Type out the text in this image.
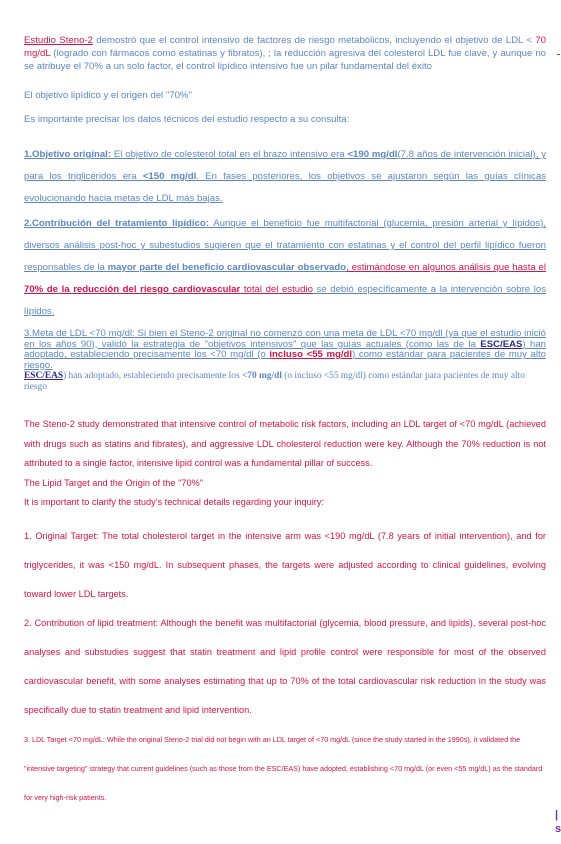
Estudio Steno-2 demostró que el control intensivo de factores de riesgo metabólicos, incluyendo el objetivo de LDL < 70 mg/dL (logrado con fármacos como estatinas y fibratos), ; la reducción agresiva del colesterol LDL fue clave, y aunque no se atribuye el 70% a un solo factor, el control lipídico intensivo fue un pilar fundamental del éxito

El objetivo lipídico y el origen del "70%"

Es importante precisar los datos técnicos del estudio respecto a su consulta:

1.Objetivo original: El objetivo de colesterol total en el brazo intensivo era <190 mg/dl(7.8 años de intervención inicial), y para los triglicéridos era <150 mg/dl. En fases posteriores, los objetivos se ajustaron según las guías clínicas evolucionando hacia metas de LDL más bajas.

2.Contribución del tratamiento lipídico: Aunque el beneficio fue multifactorial (glucemia, presión arterial y lípidos), diversos análisis post-hoc y subestudios sugieren que el tratamiento con estatinas y el control del perfil lipídico fueron responsables de la mayor parte del beneficio cardiovascular observado, estimándose en algunos análisis que hasta el 70% de la reducción del riesgo cardiovascular total del estudio se debió específicamente a la intervención sobre los lípidos.

3.Meta de LDL <70 mg/dl: Si bien el Steno-2 original no comenzó con una meta de LDL <70 mg/dl (ya que el estudio inició en los años 90), validó la estrategia de "objetivos intensivos" que las guías actuales (como las de la ESC/EAS) han adoptado, estableciendo precisamente los <70 mg/dl (o incluso <55 mg/dl) como estándar para pacientes de muy alto riesgo.

ESC/EAS) han adoptado, estableciendo precisamente los <70 mg/dl (o incluso <55 mg/dl) como estándar para pacientes de muy alto riesgo

The Steno-2 study demonstrated that intensive control of metabolic risk factors, including an LDL target of <70 mg/dL (achieved with drugs such as statins and fibrates), and aggressive LDL cholesterol reduction were key. Although the 70% reduction is not attributed to a single factor, intensive lipid control was a fundamental pillar of success.

The Lipid Target and the Origin of the "70%"

It is important to clarify the study's technical details regarding your inquiry:

1. Original Target: The total cholesterol target in the intensive arm was <190 mg/dL (7.8 years of initial intervention), and for triglycerides, it was <150 mg/dL. In subsequent phases, the targets were adjusted according to clinical guidelines, evolving toward lower LDL targets.

2. Contribution of lipid treatment: Although the benefit was multifactorial (glycemia, blood pressure, and lipids), several post-hoc analyses and substudies suggest that statin treatment and lipid profile control were responsible for most of the observed cardiovascular benefit, with some analyses estimating that up to 70% of the total cardiovascular risk reduction in the study was specifically due to statin treatment and lipid intervention.

3. LDL Target <70 mg/dL: While the original Steno-2 trial did not begin with an LDL target of <70 mg/dL (since the study started in the 1990s), it validated the "intensive targeting" strategy that current guidelines (such as those from the ESC/EAS) have adopted, establishing <70 mg/dL (or even <55 mg/dL) as the standard for very high-risk patients.

|
s
